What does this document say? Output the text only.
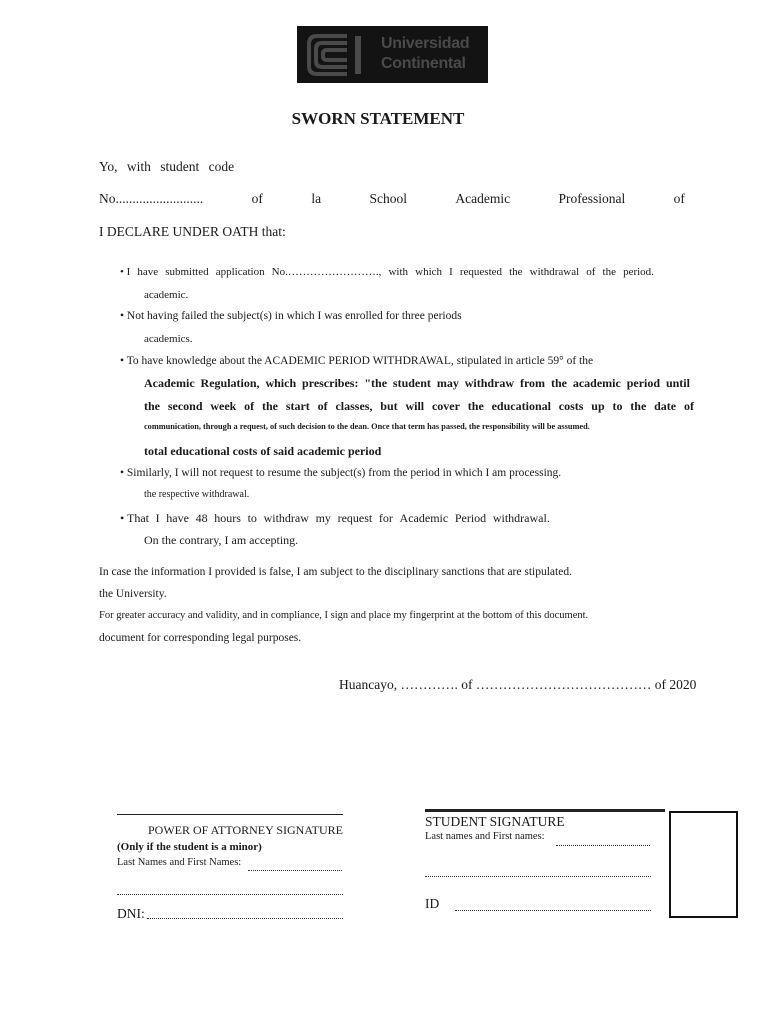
Universidad
Continental
SWORN STATEMENT
Yo, with student code
No..........................	of	la	School	Academic	Professional	of
I DECLARE UNDER OATH that:
• I have submitted application No.……………………., with which I requested the withdrawal of the period.
academic.
• Not having failed the subject(s) in which I was enrolled for three periods
academics.
• To have knowledge about the ACADEMIC PERIOD WITHDRAWAL, stipulated in article 59° of the
Academic Regulation, which prescribes: "the student may withdraw from the academic period until
the second week of the start of classes, but will cover the educational costs up to the date of
communication, through a request, of such decision to the dean. Once that term has passed, the responsibility will be assumed.
total educational costs of said academic period
• Similarly, I will not request to resume the subject(s) from the period in which I am processing.
the respective withdrawal.
• That I have 48 hours to withdraw my request for Academic Period withdrawal.
On the contrary, I am accepting.
In case the information I provided is false, I am subject to the disciplinary sanctions that are stipulated.
the University.
For greater accuracy and validity, and in compliance, I sign and place my fingerprint at the bottom of this document.
document for corresponding legal purposes.
Huancayo, …………. of ………………………………… of 2020
POWER OF ATTORNEY SIGNATURE
(Only if the student is a minor)
Last Names and First Names:
DNI:
STUDENT SIGNATURE
Last names and First names:
ID
